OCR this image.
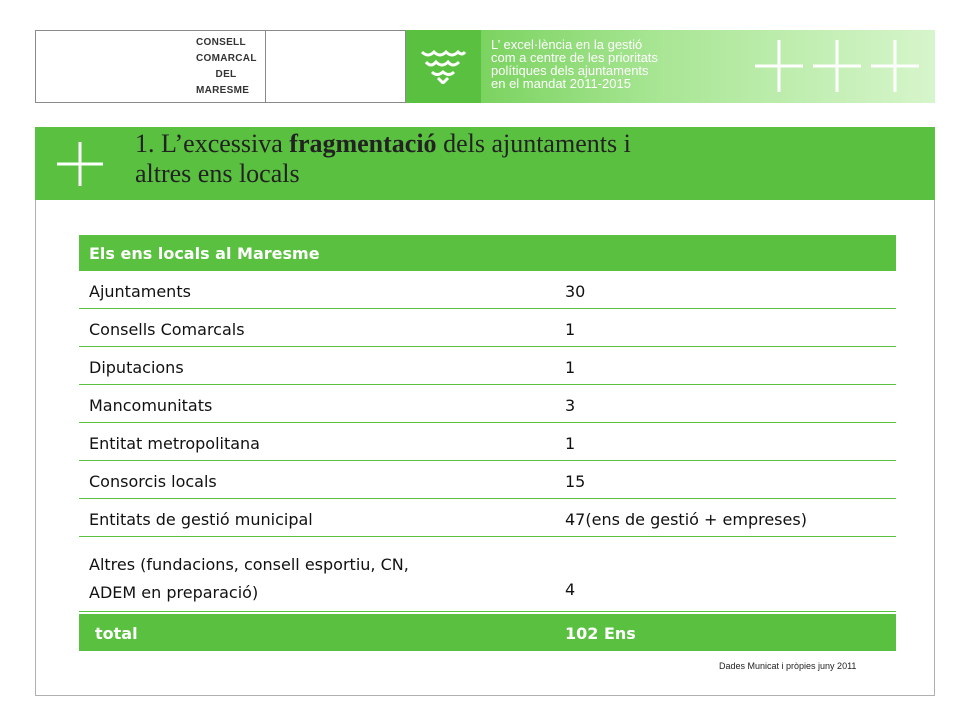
CONSELL
COMARCAL
DEL
MARESME
L’ excel·lència en la gestió
com a centre de les prioritats
polítiques dels ajuntaments
en el mandat 2011-2015
1. L’excessiva fragmentació dels ajuntaments i
altres ens locals
Els ens locals al Maresme
Ajuntaments	30
Consells Comarcals	1
Diputacions	1
Mancomunitats	3
Entitat metropolitana	1
Consorcis locals	15
Entitats de gestió municipal	47(ens de gestió + empreses)
Altres (fundacions, consell esportiu, CN,
ADEM en preparació)	4
total	102 Ens
Dades Municat i pròpies juny 2011
